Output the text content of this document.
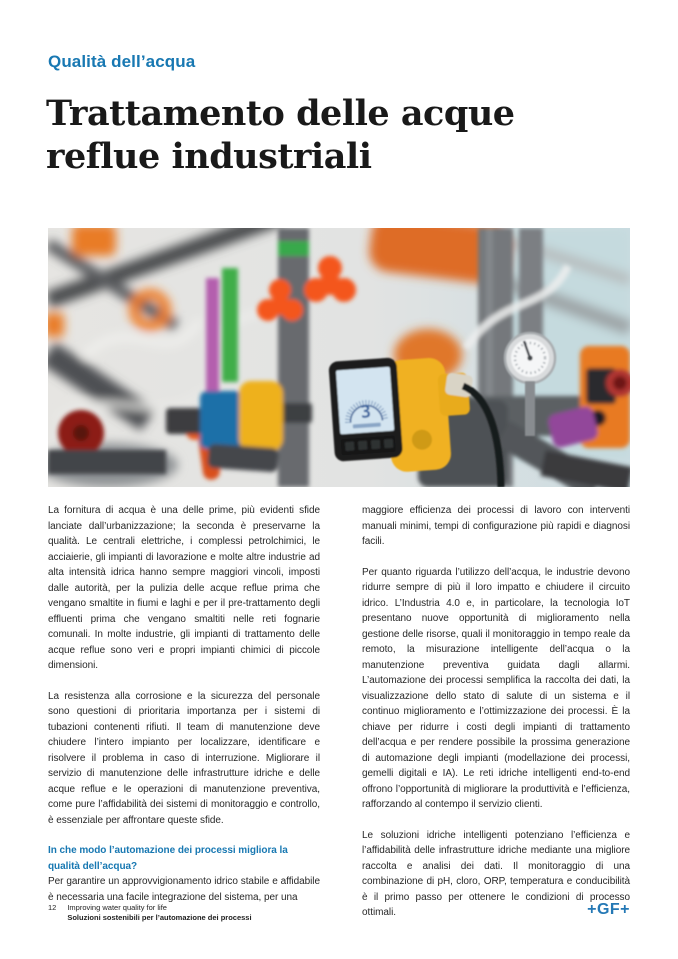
Qualità dell’acqua
Trattamento delle acque
reflue industriali
3

La fornitura di acqua è una delle prime, più evidenti sfide lanciate dall’urbanizzazione; la seconda è preservarne la qualità. Le centrali elettriche, i complessi petrolchimici, le acciaierie, gli impianti di lavorazione e molte altre industrie ad alta intensità idrica hanno sempre maggiori vincoli, imposti dalle autorità, per la pulizia delle acque reflue prima che vengano smaltite in fiumi e laghi e per il pre-trattamento degli effluenti prima che vengano smaltiti nelle reti fognarie comunali. In molte industrie, gli impianti di trattamento delle acque reflue sono veri e propri impianti chimici di piccole dimensioni.

La resistenza alla corrosione e la sicurezza del personale sono questioni di prioritaria importanza per i sistemi di tubazioni contenenti rifiuti. Il team di manutenzione deve chiudere l’intero impianto per localizzare, identificare e risolvere il problema in caso di interruzione. Migliorare il servizio di manutenzione delle infrastrutture idriche e delle acque reflue e le operazioni di manutenzione preventiva, come pure l’affidabilità dei sistemi di monitoraggio e controllo, è essenziale per affrontare queste sfide.

In che modo l’automazione dei processi migliora la qualità dell’acqua?

Per garantire un approvvigionamento idrico stabile e affidabile è necessaria una facile integrazione del sistema, per una

maggiore efficienza dei processi di lavoro con interventi manuali minimi, tempi di configurazione più rapidi e diagnosi facili.

Per quanto riguarda l’utilizzo dell’acqua, le industrie devono ridurre sempre di più il loro impatto e chiudere il circuito idrico. L’Industria 4.0 e, in particolare, la tecnologia IoT presentano nuove opportunità di miglioramento nella gestione delle risorse, quali il monitoraggio in tempo reale da remoto, la misurazione intelligente dell’acqua o la manutenzione preventiva guidata dagli allarmi. L’automazione dei processi semplifica la raccolta dei dati, la visualizzazione dello stato di salute di un sistema e il continuo miglioramento e l’ottimizzazione dei processi. È la chiave per ridurre i costi degli impianti di trattamento dell’acqua e per rendere possibile la prossima generazione di automazione degli impianti (modellazione dei processi, gemelli digitali e IA). Le reti idriche intelligenti end-to-end offrono l’opportunità di migliorare la produttività e l’efficienza, rafforzando al contempo il servizio clienti.

Le soluzioni idriche intelligenti potenziano l’efficienza e l’affidabilità delle infrastrutture idriche mediante una migliore raccolta e analisi dei dati. Il monitoraggio di una combinazione di pH, cloro, ORP, temperatura e conducibilità è il primo passo per ottenere le condizioni di processo ottimali.

12 Improving water quality for life
Soluzioni sostenibili per l’automazione dei processi	+GF+
